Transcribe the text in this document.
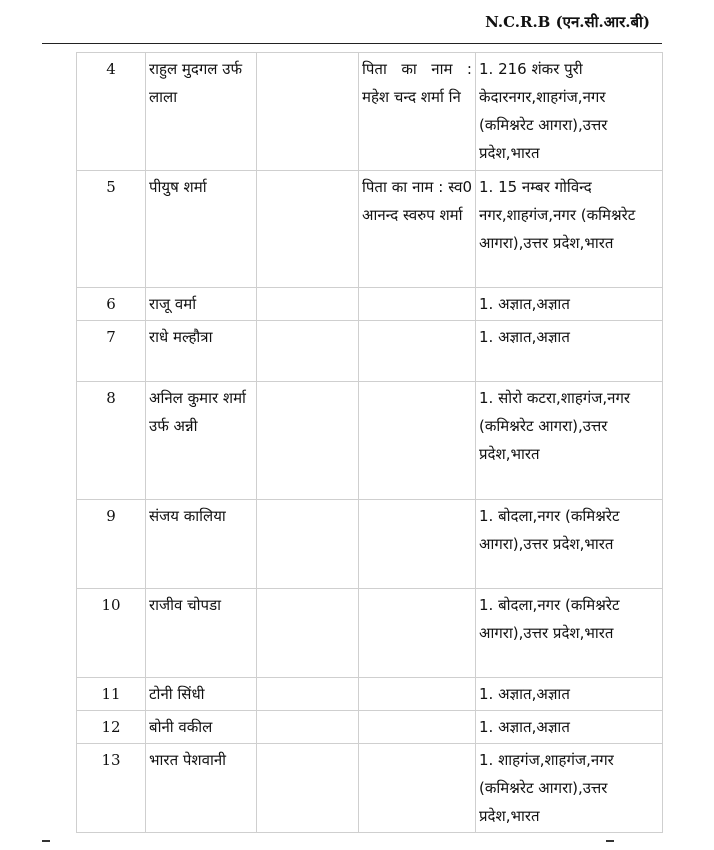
N.C.R.B (एन.सी.आर.बी)
4	राहुल मुदगल उर्फ लाला		पिता का नाम : महेश चन्द शर्मा नि	1. 216 शंकर पुरी केदारनगर,शाहगंज,नगर (कमिश्नरेट आगरा),उत्तर प्रदेश,भारत
5	पीयुष शर्मा		पिता का नाम : स्व0 आनन्द स्वरुप शर्मा	1. 15 नम्बर गोविन्द नगर,शाहगंज,नगर (कमिश्नरेट आगरा),उत्तर प्रदेश,भारत
6	राजू वर्मा			1. अज्ञात,अज्ञात
7	राधे मल्हौत्रा			1. अज्ञात,अज्ञात
8	अनिल कुमार शर्मा उर्फ अन्नी			1. सोरो कटरा,शाहगंज,नगर (कमिश्नरेट आगरा),उत्तर प्रदेश,भारत
9	संजय कालिया			1. बोदला,नगर (कमिश्नरेट आगरा),उत्तर प्रदेश,भारत
10	राजीव चोपडा			1. बोदला,नगर (कमिश्नरेट आगरा),उत्तर प्रदेश,भारत
11	टोनी सिंधी			1. अज्ञात,अज्ञात
12	बोनी वकील			1. अज्ञात,अज्ञात
13	भारत पेशवानी			1. शाहगंज,शाहगंज,नगर (कमिश्नरेट आगरा),उत्तर प्रदेश,भारत
